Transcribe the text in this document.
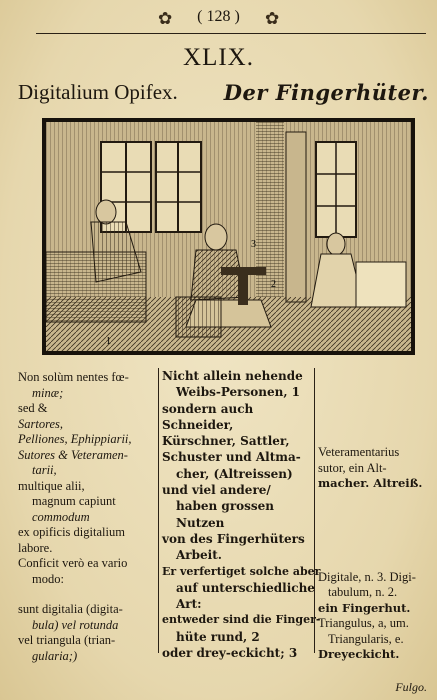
✿	( 128 )	✿
XLIX.
Digitalium Opifex. Der Fingerhüter.
1
3
2
Non solùm nentes fœ-
minæ;
sed &
Sartores,
Pelliones, Ephippiarii,
Sutores & Veteramen-
tarii,
multique alii,
magnum capiunt
commodum
ex opificis digitalium
labore.
Conficit verò ea vario
modo:
sunt digitalia (digita-
bula) vel rotunda
vel triangula (trian-
gularia;)
Nicht allein nehende
Weibs-Personen, 1
sondern auch
Schneider,
Kürschner, Sattler,
Schuster und Altma-
cher, (Altreissen)
und viel andere/
haben grossen
Nutzen
von des Fingerhüters
Arbeit.
Er verfertiget solche aber
auf unterschiedliche
Art:
entweder sind die Finger-
hüte rund, 2
oder drey-eckicht; 3
Veteramentarius
sutor, ein Alt-
macher. Altreiß.
Digitale, n. 3. Digi-
tabulum, n. 2.
ein Fingerhut.
Triangulus, a, um.
Triangularis, e.
Dreyeckicht.
Fulgo.
